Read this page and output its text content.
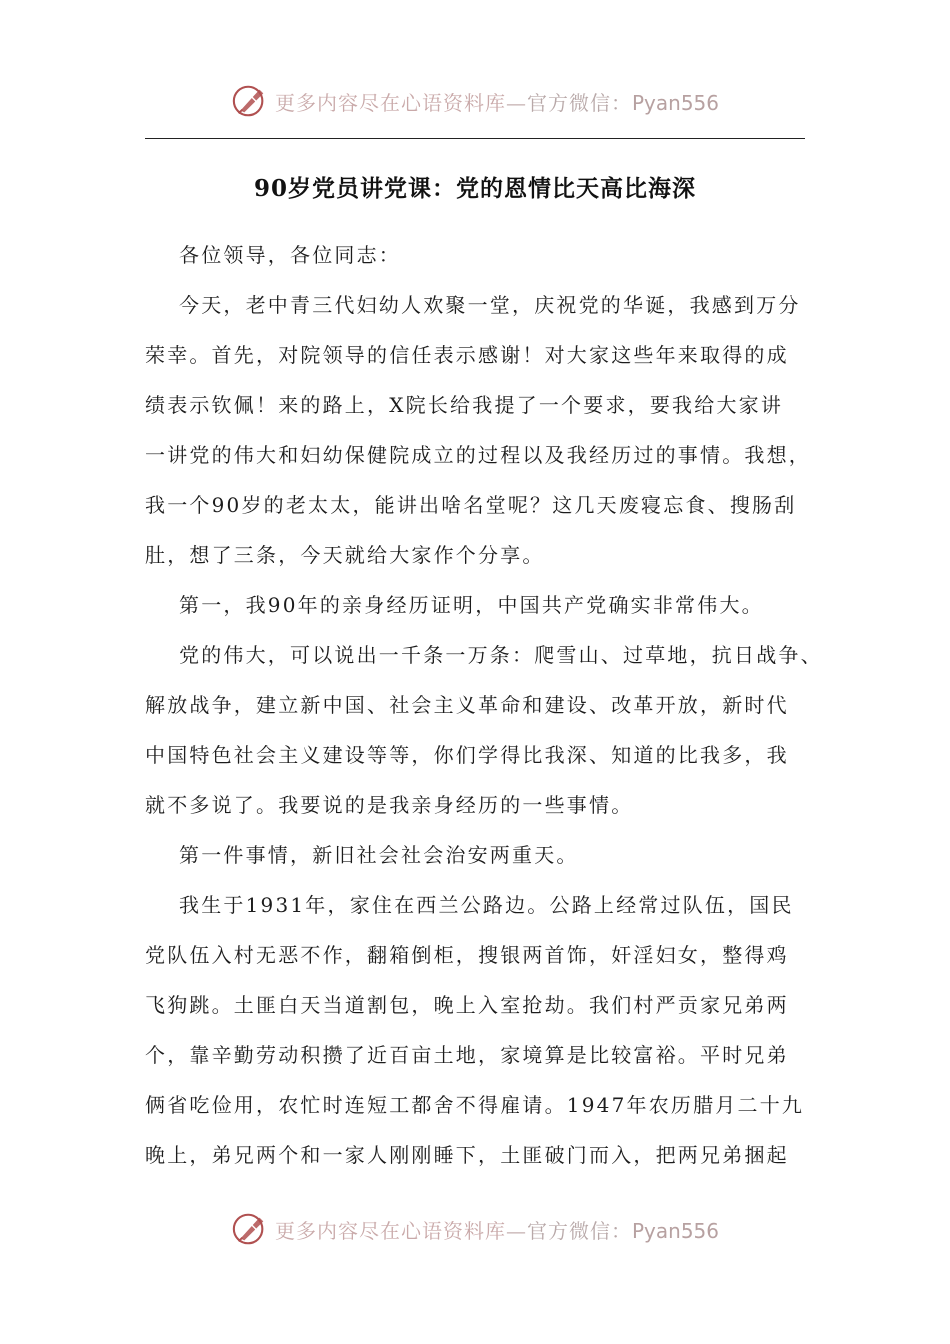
更多内容尽在心语资料库—官方微信：Pyan556
90岁党员讲党课：党的恩情比天高比海深
各位领导，各位同志：
今天，老中青三代妇幼人欢聚一堂，庆祝党的华诞，我感到万分
荣幸。首先，对院领导的信任表示感谢！对大家这些年来取得的成
绩表示钦佩！来的路上，X院长给我提了一个要求，要我给大家讲
一讲党的伟大和妇幼保健院成立的过程以及我经历过的事情。我想，
我一个90岁的老太太，能讲出啥名堂呢？这几天废寝忘食、搜肠刮
肚，想了三条，今天就给大家作个分享。
第一，我90年的亲身经历证明，中国共产党确实非常伟大。
党的伟大，可以说出一千条一万条：爬雪山、过草地，抗日战争、
解放战争，建立新中国、社会主义革命和建设、改革开放，新时代
中国特色社会主义建设等等，你们学得比我深、知道的比我多，我
就不多说了。我要说的是我亲身经历的一些事情。
第一件事情，新旧社会社会治安两重天。
我生于1931年，家住在西兰公路边。公路上经常过队伍，国民
党队伍入村无恶不作，翻箱倒柜，搜银两首饰，奸淫妇女，整得鸡
飞狗跳。土匪白天当道割包，晚上入室抢劫。我们村严贡家兄弟两
个，靠辛勤劳动积攒了近百亩土地，家境算是比较富裕。平时兄弟
俩省吃俭用，农忙时连短工都舍不得雇请。1947年农历腊月二十九
晚上，弟兄两个和一家人刚刚睡下，土匪破门而入，把两兄弟捆起
更多内容尽在心语资料库—官方微信：Pyan556
